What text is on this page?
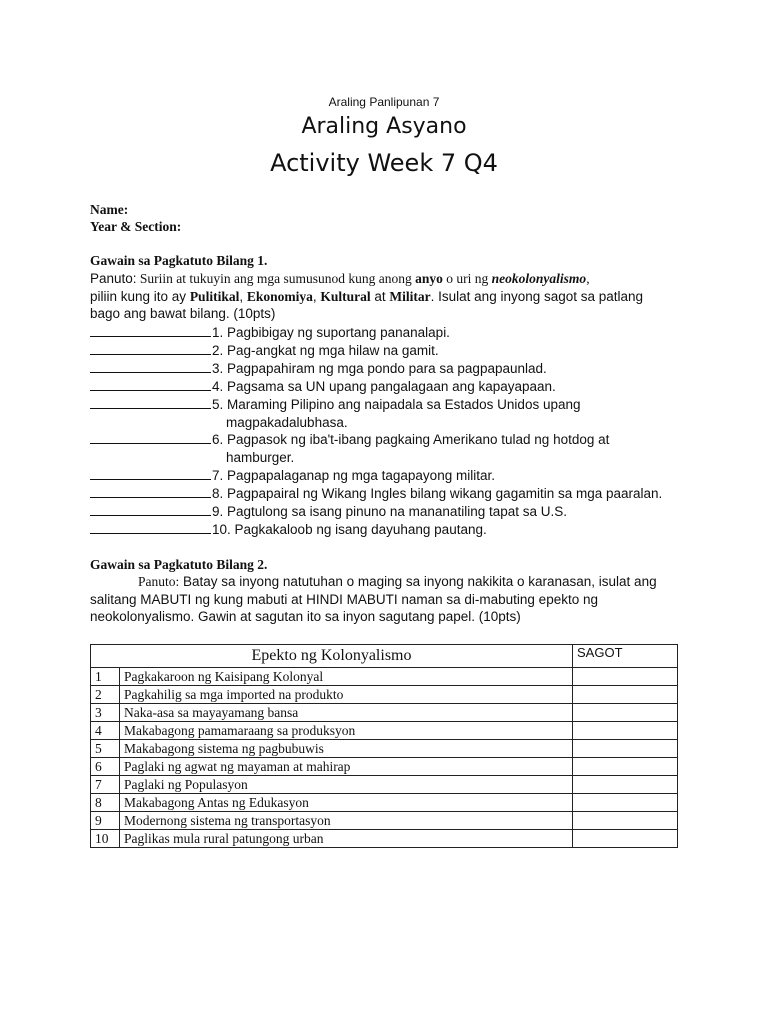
Araling Panlipunan 7
Araling Asyano
Activity Week 7 Q4
Name:
Year & Section:
Gawain sa Pagkatuto Bilang 1.
Panuto: Suriin at tukuyin ang mga sumusunod kung anong anyo o uri ng neokolonyalismo,
piliin kung ito ay Pulitikal, Ekonomiya, Kultural at Militar. Isulat ang inyong sagot sa patlang
bago ang bawat bilang. (10pts)
1. Pagbibigay ng suportang pananalapi.
2. Pag-angkat ng mga hilaw na gamit.
3. Pagpapahiram ng mga pondo para sa pagpapaunlad.
4. Pagsama sa UN upang pangalagaan ang kapayapaan.
5. Maraming Pilipino ang naipadala sa Estados Unidos upang
magpakadalubhasa.
6. Pagpasok ng iba't-ibang pagkaing Amerikano tulad ng hotdog at
hamburger.
7. Pagpapalaganap ng mga tagapayong militar.
8. Pagpapairal ng Wikang Ingles bilang wikang gagamitin sa mga paaralan.
9. Pagtulong sa isang pinuno na mananatiling tapat sa U.S.
10. Pagkakaloob ng isang dayuhang pautang.
Gawain sa Pagkatuto Bilang 2.
Panuto: Batay sa inyong natutuhan o maging sa inyong nakikita o karanasan, isulat ang
salitang MABUTI ng kung mabuti at HINDI MABUTI naman sa di-mabuting epekto ng
neokolonyalismo. Gawin at sagutan ito sa inyon sagutang papel. (10pts)
Epekto ng Kolonyalismo		SAGOT
1	Pagkakaroon ng Kaisipang Kolonyal	
2	Pagkahilig sa mga imported na produkto	
3	Naka-asa sa mayayamang bansa	
4	Makabagong pamamaraang sa produksyon	
5	Makabagong sistema ng pagbubuwis	
6	Paglaki ng agwat ng mayaman at mahirap	
7	Paglaki ng Populasyon	
8	Makabagong Antas ng Edukasyon	
9	Modernong sistema ng transportasyon	
10	Paglikas mula rural patungong urban	
